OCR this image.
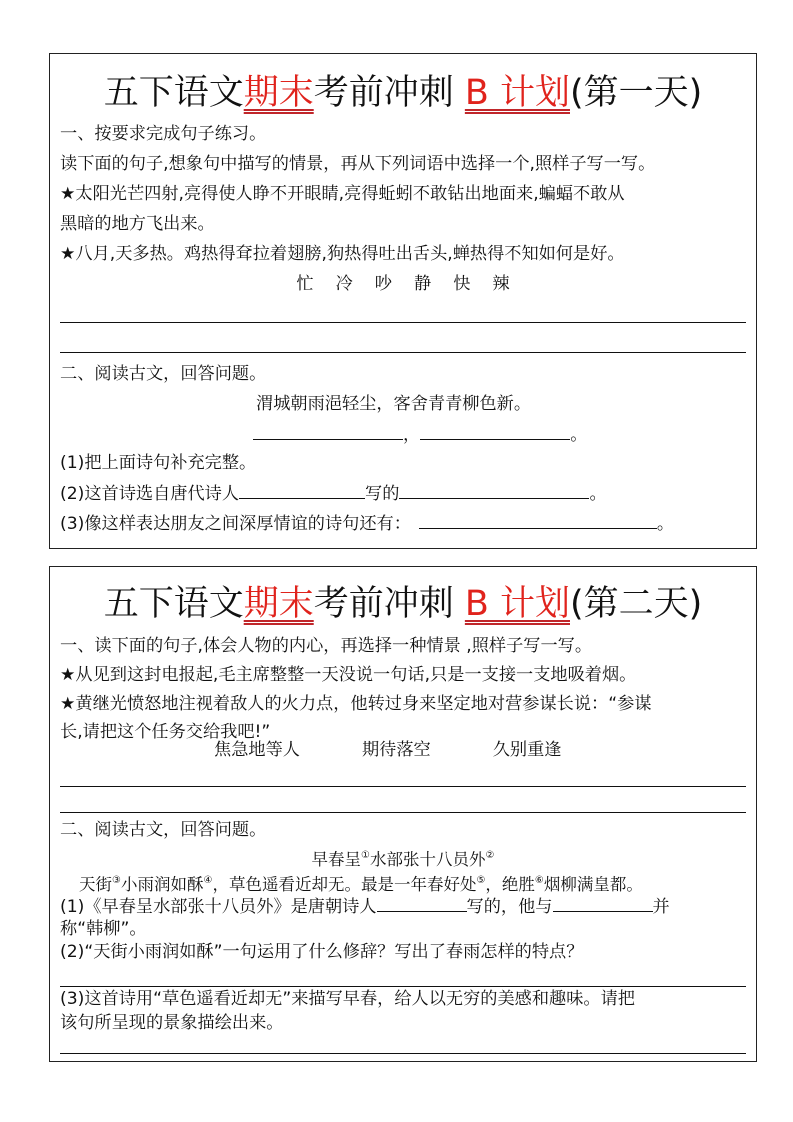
五下语文期末考前冲刺 B 计划(第一天)
一、按要求完成句子练习。
读下面的句子,想象句中描写的情景，再从下列词语中选择一个,照样子写一写。
★太阳光芒四射,亮得使人睁不开眼睛,亮得蚯蚓不敢钻出地面来,蝙蝠不敢从
黑暗的地方飞出来。
★八月,天多热。鸡热得耷拉着翅膀,狗热得吐出舌头,蝉热得不知如何是好。
忙 冷 吵 静 快 辣
二、阅读古文，回答问题。
渭城朝雨浥轻尘，客舍青青柳色新。
，	。
(1)把上面诗句补充完整。
(2)这首诗选自唐代诗人	写的	。
(3)像这样表达朋友之间深厚情谊的诗句还有：	。
五下语文期末考前冲刺 B 计划(第二天)
一、读下面的句子,体会人物的内心，再选择一种情景 ,照样子写一写。
★从见到这封电报起,毛主席整整一天没说一句话,只是一支接一支地吸着烟。
★黄继光愤怒地注视着敌人的火力点，他转过身来坚定地对营参谋长说：“参谋
长,请把这个任务交给我吧!”
焦急地等人	期待落空	久别重逢
二、阅读古文，回答问题。
早春呈①水部张十八员外②
天街③小雨润如酥④，草色遥看近却无。最是一年春好处⑤，绝胜⑥烟柳满皇都。
(1)《早春呈水部张十八员外》是唐朝诗人	写的，他与	并
称“韩柳”。
(2)“天街小雨润如酥”一句运用了什么修辞？写出了春雨怎样的特点？
(3)这首诗用“草色遥看近却无”来描写早春，给人以无穷的美感和趣味。请把
该句所呈现的景象描绘出来。
